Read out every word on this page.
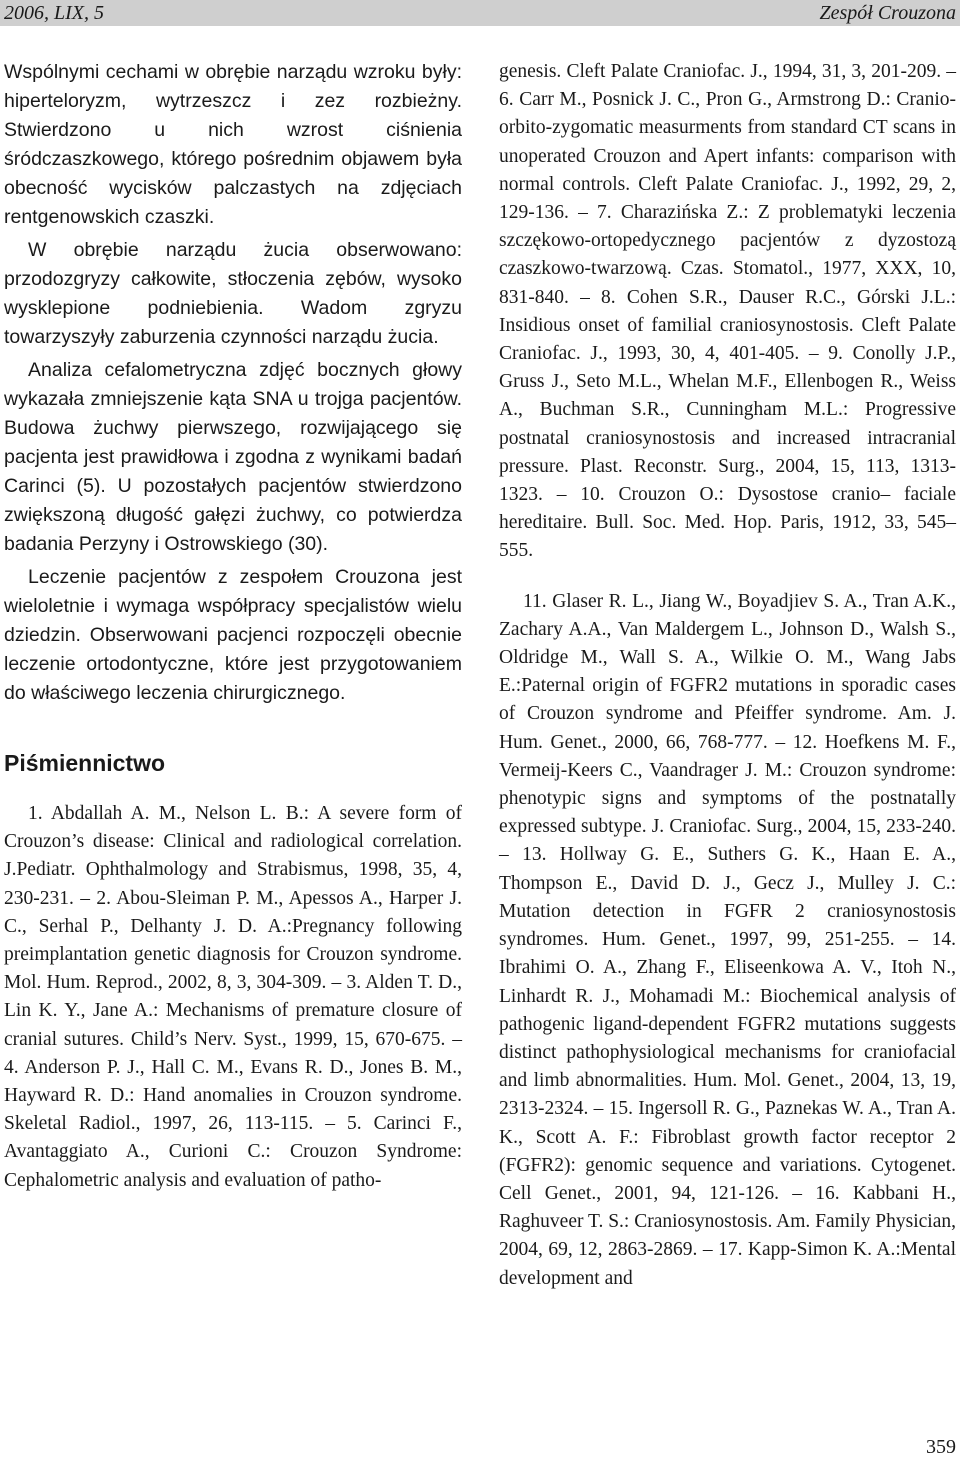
2006, LIX, 5	Zespół Crouzona

Wspólnymi cechami w obrębie narządu wzroku były: hiperteloryzm, wytrzeszcz i zez rozbieżny. Stwierdzono u nich wzrost ciśnienia śródczaszkowego, którego pośrednim objawem była obecność wycisków palczastych na zdjęciach rentgenowskich czaszki.

W obrębie narządu żucia obserwowano: przodozgryzy całkowite, stłoczenia zębów, wysoko wysklepione podniebienia. Wadom zgryzu towarzyszyły zaburzenia czynności narządu żucia.

Analiza cefalometryczna zdjęć bocznych głowy wykazała zmniejszenie kąta SNA u trojga pacjentów. Budowa żuchwy pierwszego, rozwijającego się pacjenta jest prawidłowa i zgodna z wynikami badań Carinci (5). U pozostałych pacjentów stwierdzono zwiększoną długość gałęzi żuchwy, co potwierdza badania Perzyny i Ostrowskiego (30).

Leczenie pacjentów z zespołem Crouzona jest wieloletnie i wymaga współpracy specjalistów wielu dziedzin. Obserwowani pacjenci rozpoczęli obecnie leczenie ortodontyczne, które jest przygotowaniem do właściwego leczenia chirurgicznego.

Piśmiennictwo

1. Abdallah A. M., Nelson L. B.: A severe form of Crouzon’s disease: Clinical and radiological correlation. J.Pediatr. Ophthalmology and Strabismus, 1998, 35, 4, 230-231. – 2. Abou-Sleiman P. M., Apessos A., Harper J. C., Serhal P., Delhanty J. D. A.:Pregnancy following preimplantation genetic diagnosis for Crouzon syndrome. Mol. Hum. Reprod., 2002, 8, 3, 304-309. – 3. Alden T. D., Lin K. Y., Jane A.: Mechanisms of premature closure of cranial sutures. Child’s Nerv. Syst., 1999, 15, 670-675. – 4. Anderson P. J., Hall C. M., Evans R. D., Jones B. M., Hayward R. D.: Hand anomalies in Crouzon syndrome. Skeletal Radiol., 1997, 26, 113-115. – 5. Carinci F., Avantaggiato A., Curioni C.: Crouzon Syndrome: Cephalometric analysis and evaluation of patho-

genesis. Cleft Palate Craniofac. J., 1994, 31, 3, 201-209. – 6. Carr M., Posnick J. C., Pron G., Armstrong D.: Cranio-orbito-zygomatic measurments from standard CT scans in unoperated Crouzon and Apert infants: comparison with normal controls. Cleft Palate Craniofac. J., 1992, 29, 2, 129-136. – 7. Charazińska Z.: Z problematyki leczenia szczękowo-ortopedycznego pacjentów z dyzostozą czaszkowo-twarzową. Czas. Stomatol., 1977, XXX, 10, 831-840. – 8. Cohen S.R., Dauser R.C., Górski J.L.: Insidious onset of familial craniosynostosis. Cleft Palate Craniofac. J., 1993, 30, 4, 401-405. – 9. Conolly J.P., Gruss J., Seto M.L., Whelan M.F., Ellenbogen R., Weiss A., Buchman S.R., Cunningham M.L.: Progressive postnatal craniosynostosis and increased intracranial pressure. Plast. Reconstr. Surg., 2004, 15, 113, 1313-1323. – 10. Crouzon O.: Dysostose cranio– faciale hereditaire. Bull. Soc. Med. Hop. Paris, 1912, 33, 545– 555.

11. Glaser R. L., Jiang W., Boyadjiev S. A., Tran A.K., Zachary A.A., Van Maldergem L., Johnson D., Walsh S., Oldridge M., Wall S. A., Wilkie O. M., Wang Jabs E.:Paternal origin of FGFR2 mutations in sporadic cases of Crouzon syndrome and Pfeiffer syndrome. Am. J. Hum. Genet., 2000, 66, 768-777. – 12. Hoefkens M. F., Vermeij-Keers C., Vaandrager J. M.: Crouzon syndrome: phenotypic signs and symptoms of the postnatally expressed subtype. J. Craniofac. Surg., 2004, 15, 233-240. – 13. Hollway G. E., Suthers G. K., Haan E. A., Thompson E., David D. J., Gecz J., Mulley J. C.: Mutation detection in FGFR 2 craniosynostosis syndromes. Hum. Genet., 1997, 99, 251-255. – 14. Ibrahimi O. A., Zhang F., Eliseenkowa A. V., Itoh N., Linhardt R. J., Mohamadi M.: Biochemical analysis of pathogenic ligand-dependent FGFR2 mutations suggests distinct pathophysiological mechanisms for craniofacial and limb abnormalities. Hum. Mol. Genet., 2004, 13, 19, 2313-2324. – 15. Ingersoll R. G., Paznekas W. A., Tran A. K., Scott A. F.: Fibroblast growth factor receptor 2 (FGFR2): genomic sequence and variations. Cytogenet. Cell Genet., 2001, 94, 121-126. – 16. Kabbani H., Raghuveer T. S.: Craniosynostosis. Am. Family Physician, 2004, 69, 12, 2863-2869. – 17. Kapp-Simon K. A.:Mental development and

359
